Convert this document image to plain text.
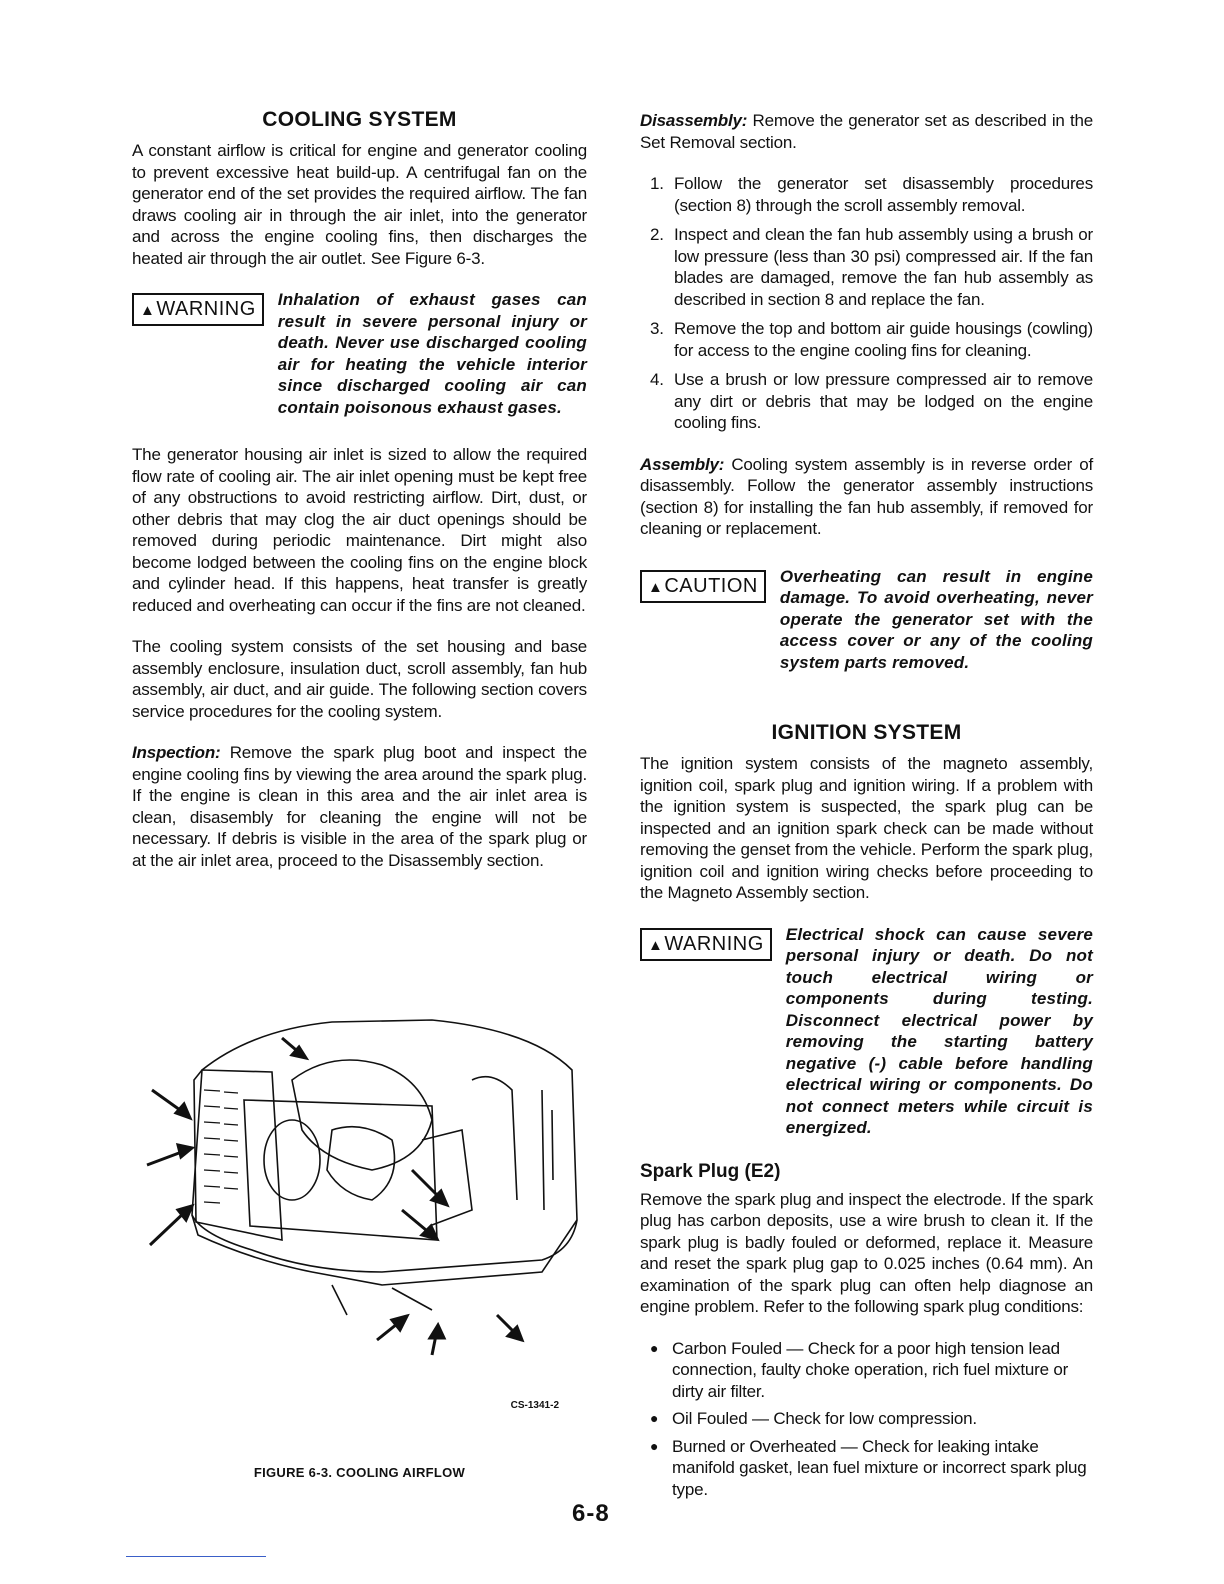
COOLING SYSTEM

A constant airflow is critical for engine and generator cooling to prevent excessive heat build-up. A centrifugal fan on the generator end of the set provides the required airflow. The fan draws cooling air in through the air inlet, into the generator and across the engine cooling fins, then discharges the heated air through the air outlet. See Figure 6-3.

▲WARNING	Inhalation of exhaust gases can result in severe personal injury or death. Never use discharged cooling air for heating the vehicle interior since discharged cooling air can contain poisonous exhaust gases.

The generator housing air inlet is sized to allow the required flow rate of cooling air. The air inlet opening must be kept free of any obstructions to avoid restricting airflow. Dirt, dust, or other debris that may clog the air duct openings should be removed during periodic maintenance. Dirt might also become lodged between the cooling fins on the engine block and cylinder head. If this happens, heat transfer is greatly reduced and overheating can occur if the fins are not cleaned.

The cooling system consists of the set housing and base assembly enclosure, insulation duct, scroll assembly, fan hub assembly, air duct, and air guide. The following section covers service procedures for the cooling system.

Inspection: Remove the spark plug boot and inspect the engine cooling fins by viewing the area around the spark plug. If the engine is clean in this area and the air inlet area is clean, disasembly for cleaning the engine will not be necessary. If debris is visible in the area of the spark plug or at the air inlet area, proceed to the Disassembly section.

CS-1341-2
FIGURE 6-3. COOLING AIRFLOW

Disassembly: Remove the generator set as described in the Set Removal section.

1. Follow the generator set disassembly procedures (section 8) through the scroll assembly removal.
2. Inspect and clean the fan hub assembly using a brush or low pressure (less than 30 psi) compressed air. If the fan blades are damaged, remove the fan hub assembly as described in section 8 and replace the fan.
3. Remove the top and bottom air guide housings (cowling) for access to the engine cooling fins for cleaning.
4. Use a brush or low pressure compressed air to remove any dirt or debris that may be lodged on the engine cooling fins.

Assembly: Cooling system assembly is in reverse order of disassembly. Follow the generator assembly instructions (section 8) for installing the fan hub assembly, if removed for cleaning or replacement.

▲CAUTION	Overheating can result in engine damage. To avoid overheating, never operate the generator set with the access cover or any of the cooling system parts removed.
IGNITION SYSTEM

The ignition system consists of the magneto assembly, ignition coil, spark plug and ignition wiring. If a problem with the ignition system is suspected, the spark plug can be inspected and an ignition spark check can be made without removing the genset from the vehicle. Perform the spark plug, ignition coil and ignition wiring checks before proceeding to the Magneto Assembly section.

▲WARNING	Electrical shock can cause severe personal injury or death. Do not touch electrical wiring or components during testing. Disconnect electrical power by removing the starting battery negative (-) cable before handling electrical wiring or components. Do not connect meters while circuit is energized.
Spark Plug (E2)

Remove the spark plug and inspect the electrode. If the spark plug has carbon deposits, use a wire brush to clean it. If the spark plug is badly fouled or deformed, replace it. Measure and reset the spark plug gap to 0.025 inches (0.64 mm). An examination of the spark plug can often help diagnose an engine problem. Refer to the following spark plug conditions:

● Carbon Fouled — Check for a poor high tension lead connection, faulty choke operation, rich fuel mixture or dirty air filter.
● Oil Fouled — Check for low compression.
● Burned or Overheated — Check for leaking intake manifold gasket, lean fuel mixture or incorrect spark plug type.
6-8
